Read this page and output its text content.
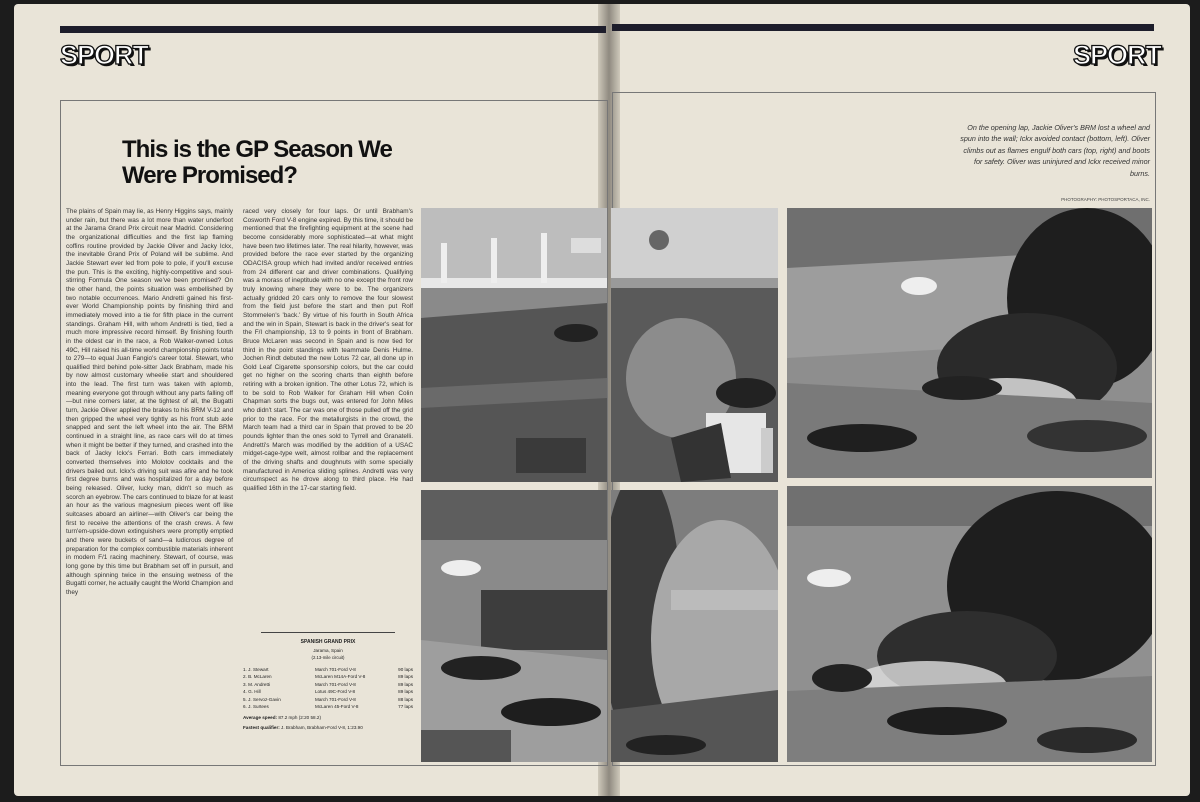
SPORT	SPORT
This is the GP Season We Were Promised?
On the opening lap, Jackie Oliver's BRM lost a wheel and spun into the wall; Ickx avoided contact (bottom, left). Oliver climbs out as flames engulf both cars (top, right) and boots for safety. Oliver was uninjured and Ickx received minor burns.
PHOTOGRAPHY: PHOTOSPORTACA, INC.
The plains of Spain may lie, as Henry Higgins says, mainly under rain, but there was a lot more than water underfoot at the Jarama Grand Prix circuit near Madrid. Considering the organizational difficulties and the first lap flaming coffins routine provided by Jackie Oliver and Jacky Ickx, the inevitable Grand Prix of Poland will be sublime. And Jackie Stewart ever led from pole to pole, if you'll excuse the pun. This is the exciting, highly-competitive and soul-stirring Formula One season we've been promised? On the other hand, the points situation was embellished by two notable occurrences. Mario Andretti gained his first-ever World Championship points by finishing third and immediately moved into a tie for fifth place in the current standings. Graham Hill, with whom Andretti is tied, tied a much more impressive record himself. By finishing fourth in the oldest car in the race, a Rob Walker-owned Lotus 49C, Hill raised his all-time world championship points total to 279—to equal Juan Fangio's career total. Stewart, who qualified third behind pole-sitter Jack Brabham, made his by now almost customary wheelie start and shouldered into the lead. The first turn was taken with aplomb, meaning everyone got through without any parts falling off—but nine corners later, at the tightest of all, the Bugatti turn, Jackie Oliver applied the brakes to his BRM V-12 and then gripped the wheel very tightly as his front stub axle snapped and sent the left wheel into the air. The BRM continued in a straight line, as race cars will do at times when it might be better if they turned, and crashed into the back of Jacky Ickx's Ferrari. Both cars immediately converted themselves into Molotov cocktails and the drivers bailed out. Ickx's driving suit was afire and he took first degree burns and was hospitalized for a day before being released. Oliver, lucky man, didn't so much as scorch an eyebrow. The cars continued to blaze for at least an hour as the various magnesium pieces went off like suitcases aboard an airliner—with Oliver's car being the first to receive the attentions of the crash crews. A few turn'em-upside-down extinguishers were promptly emptied and there were buckets of sand—a ludicrous degree of preparation for the complex combustible materials inherent in modern F/1 racing machinery. Stewart, of course, was long gone by this time but Brabham set off in pursuit, and although spinning twice in the ensuing wetness of the Bugatti corner, he actually caught the World Champion and they
raced very closely for four laps. Or until Brabham's Cosworth Ford V-8 engine expired. By this time, it should be mentioned that the firefighting equipment at the scene had become considerably more sophisticated—at what might have been two lifetimes later. The real hilarity, however, was provided before the race ever started by the organizing ODACISA group which had invited and/or received entries from 24 different car and driver combinations. Qualifying was a morass of ineptitude with no one except the front row truly knowing where they were to be. The organizers actually gridded 20 cars only to remove the four slowest from the field just before the start and then put Rolf Stommelen's 'back.' By virtue of his fourth in South Africa and the win in Spain, Stewart is back in the driver's seat for the F/I championship, 13 to 9 points in front of Brabham. Bruce McLaren was second in Spain and is now tied for third in the point standings with teammate Denis Hulme. Jochen Rindt debuted the new Lotus 72 car, all done up in Gold Leaf Cigarette sponsorship colors, but the car could get no higher on the scoring charts than eighth before retiring with a broken ignition. The other Lotus 72, which is to be sold to Rob Walker for Graham Hill when Colin Chapman sorts the bugs out, was entered for John Miles who didn't start. The car was one of those pulled off the grid prior to the race. For the metallurgists in the crowd, the March team had a third car in Spain that proved to be 20 pounds lighter than the ones sold to Tyrrell and Granatelli. Andretti's March was modified by the addition of a USAC midget-cage-type welt, almost rollbar and the replacement of the driving shafts and doughnuts with some specially manufactured in America sliding splines. Andretti was very circumspect as he drove along to third place. He had qualified 16th in the 17-car starting field.
SPANISH GRAND PRIX
Jarama, Spain
(2.13-mile circuit)
1. J. Stewart	March 701-Ford V-8	90 laps
2. B. McLaren	McLaren M14A-Ford V-8	89 laps
3. M. Andretti	March 701-Ford V-8	89 laps
4. G. Hill	Lotus 49C-Ford V-8	89 laps
5. J. Servoz-Gavin	March 701-Ford V-8	88 laps
6. J. Surtees	McLaren 45-Ford V-8	77 laps
Average speed: 87.2 mph (2:20 58.2)
Fastest qualifier: J. Brabham, Brabham-Ford V-8, 1:23.90
